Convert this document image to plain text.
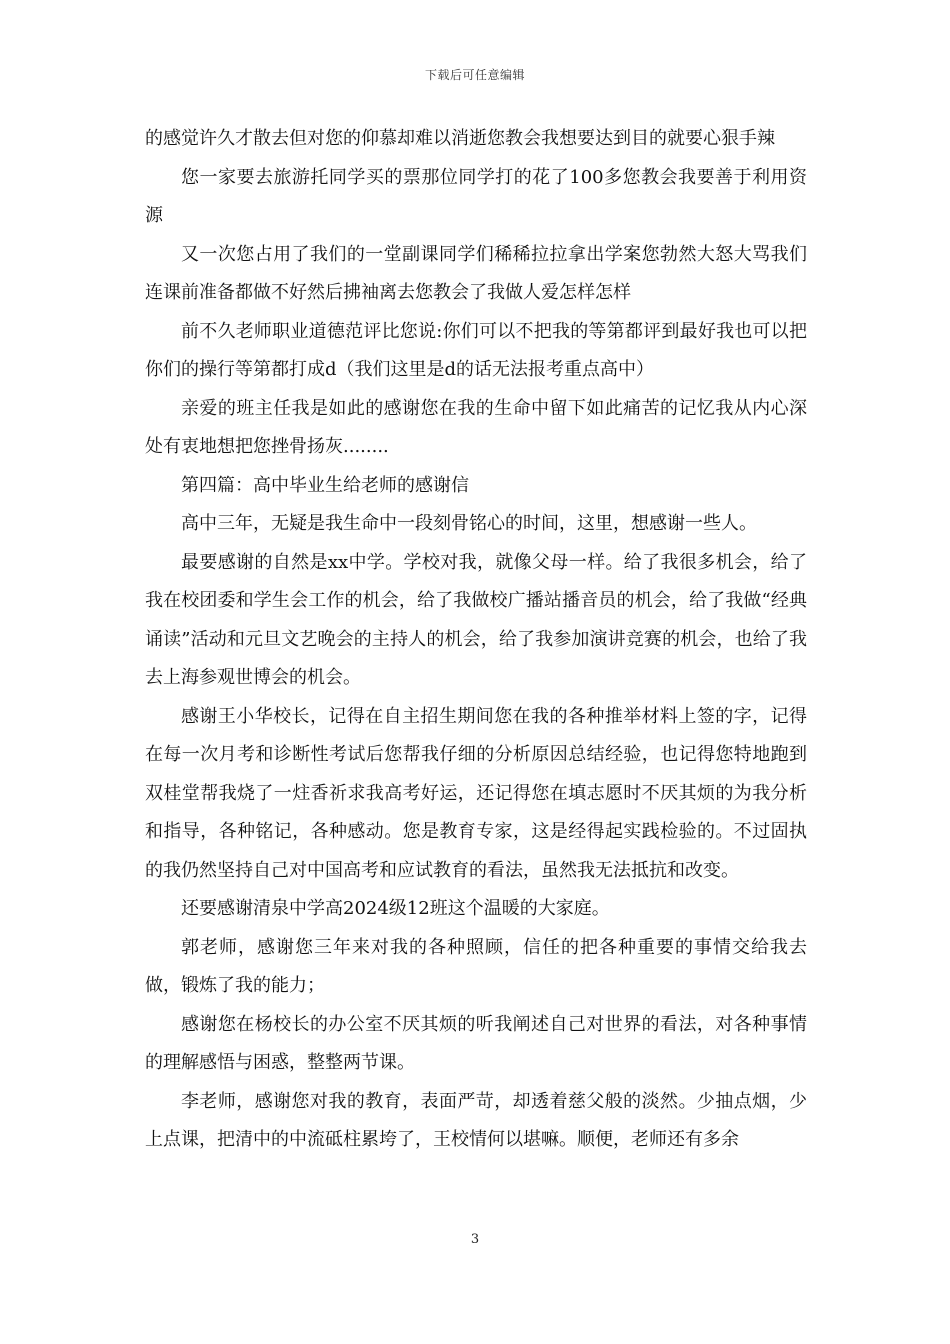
下载后可任意编辑

的感觉许久才散去但对您的仰慕却难以消逝您教会我想要达到目的就要心狠手辣

您一家要去旅游托同学买的票那位同学打的花了100多您教会我要善于利用资源

又一次您占用了我们的一堂副课同学们稀稀拉拉拿出学案您勃然大怒大骂我们连课前准备都做不好然后拂袖离去您教会了我做人爱怎样怎样

前不久老师职业道德范评比您说:你们可以不把我的等第都评到最好我也可以把你们的操行等第都打成d（我们这里是d的话无法报考重点高中）

亲爱的班主任我是如此的感谢您在我的生命中留下如此痛苦的记忆我从内心深处有衷地想把您挫骨扬灰........

第四篇：高中毕业生给老师的感谢信

高中三年，无疑是我生命中一段刻骨铭心的时间，这里，想感谢一些人。

最要感谢的自然是xx中学。学校对我，就像父母一样。给了我很多机会，给了我在校团委和学生会工作的机会，给了我做校广播站播音员的机会，给了我做“经典诵读”活动和元旦文艺晚会的主持人的机会，给了我参加演讲竞赛的机会，也给了我去上海参观世博会的机会。

感谢王小华校长，记得在自主招生期间您在我的各种推举材料上签的字，记得在每一次月考和诊断性考试后您帮我仔细的分析原因总结经验，也记得您特地跑到双桂堂帮我烧了一炷香祈求我高考好运，还记得您在填志愿时不厌其烦的为我分析和指导，各种铭记，各种感动。您是教育专家，这是经得起实践检验的。不过固执的我仍然坚持自己对中国高考和应试教育的看法，虽然我无法抵抗和改变。

还要感谢清泉中学高2024级12班这个温暖的大家庭。

郭老师，感谢您三年来对我的各种照顾，信任的把各种重要的事情交给我去做，锻炼了我的能力；

感谢您在杨校长的办公室不厌其烦的听我阐述自己对世界的看法，对各种事情的理解感悟与困惑，整整两节课。

李老师，感谢您对我的教育，表面严苛，却透着慈父般的淡然。少抽点烟，少上点课，把清中的中流砥柱累垮了，王校情何以堪嘛。顺便，老师还有多余

3
